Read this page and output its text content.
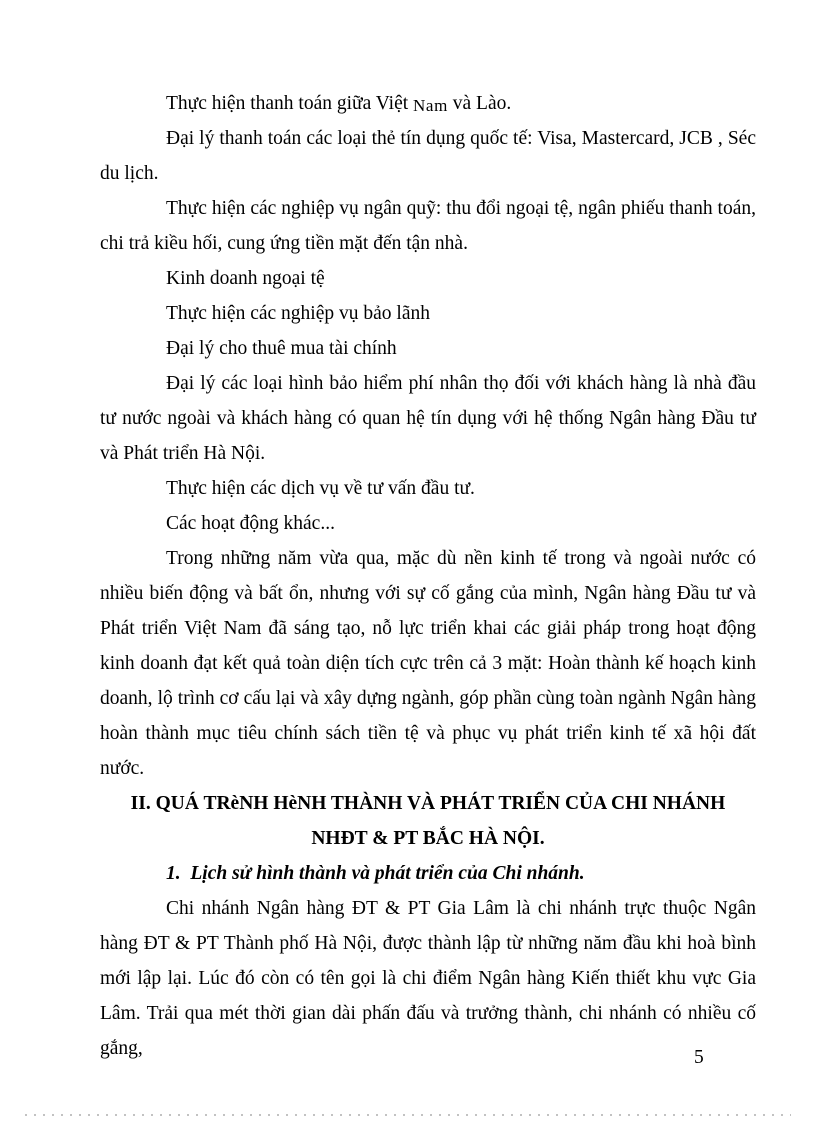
Thực hiện thanh toán giữa Việt Nam và Lào.

Đại lý thanh toán các loại thẻ tín dụng quốc tế: Visa, Mastercard, JCB , Séc du lịch.

Thực hiện các nghiệp vụ ngân quỹ: thu đổi ngoại tệ, ngân phiếu thanh toán, chi trả kiều hối, cung ứng tiền mặt đến tận nhà.

Kinh doanh ngoại tệ

Thực hiện các nghiệp vụ bảo lãnh

Đại lý cho thuê mua tài chính

Đại lý các loại hình bảo hiểm phí nhân thọ đối với khách hàng là nhà đầu tư nước ngoài và khách hàng có quan hệ tín dụng với hệ thống Ngân hàng Đầu tư và Phát triển Hà Nội.

Thực hiện các dịch vụ về tư vấn đầu tư.

Các hoạt động khác...

Trong những năm vừa qua, mặc dù nền kinh tế trong và ngoài nước có nhiều biến động và bất ổn, nhưng với sự cố gắng của mình, Ngân hàng Đầu tư và Phát triển Việt Nam đã sáng tạo, nỗ lực triển khai các giải pháp trong hoạt động kinh doanh đạt kết quả toàn diện tích cực trên cả 3 mặt: Hoàn thành kế hoạch kinh doanh, lộ trình cơ cấu lại và xây dựng ngành, góp phần cùng toàn ngành Ngân hàng hoàn thành mục tiêu chính sách tiền tệ và phục vụ phát triển kinh tế xã hội đất nước.

II. QUÁ TRèNH HèNH THÀNH VÀ PHÁT TRIỂN CỦA CHI NHÁNH
NHĐT & PT BẮC HÀ NỘI.

1.  Lịch sử hình thành và phát triển của Chi nhánh.

Chi nhánh Ngân hàng ĐT & PT Gia Lâm là chi nhánh trực thuộc Ngân hàng ĐT & PT Thành phố Hà Nội, được thành lập từ những năm đầu khi hoà bình mới lập lại. Lúc đó còn có tên gọi là chi điểm Ngân hàng Kiến thiết khu vực Gia Lâm. Trải qua mét thời gian dài phấn đấu và trưởng thành, chi nhánh có nhiều cố gắng,	5
